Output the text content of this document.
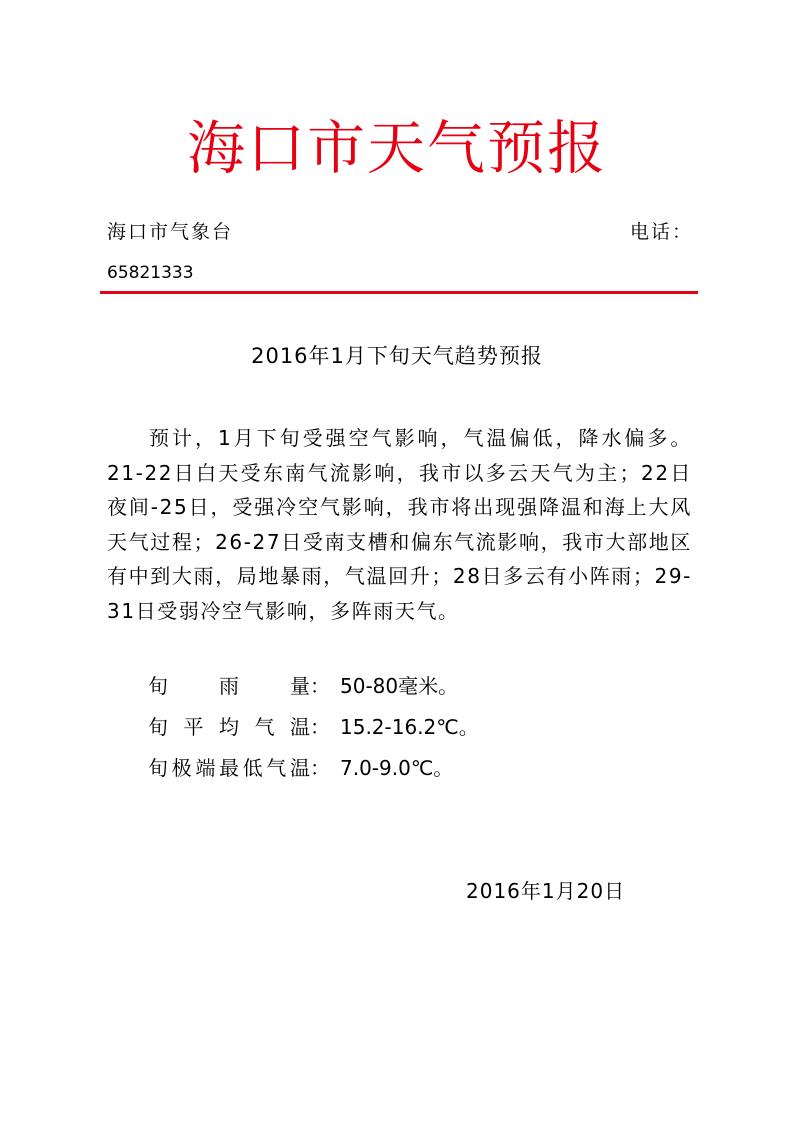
海口市天气预报
海口市气象台	电话：
65821333
2016年1月下旬天气趋势预报

预计，1月下旬受强空气影响，气温偏低，降水偏多。21-22日白天受东南气流影响，我市以多云天气为主；22日夜间-25日，受强冷空气影响，我市将出现强降温和海上大风天气过程；26-27日受南支槽和偏东气流影响，我市大部地区有中到大雨，局地暴雨，气温回升；28日多云有小阵雨；29-31日受弱冷空气影响，多阵雨天气。

旬	雨	量 ： 50-80毫米。
旬 平 均 气 温 ： 15.2-16.2℃。
旬 极 端 最 低 气 温 ： 7.0-9.0℃。
2016年1月20日
